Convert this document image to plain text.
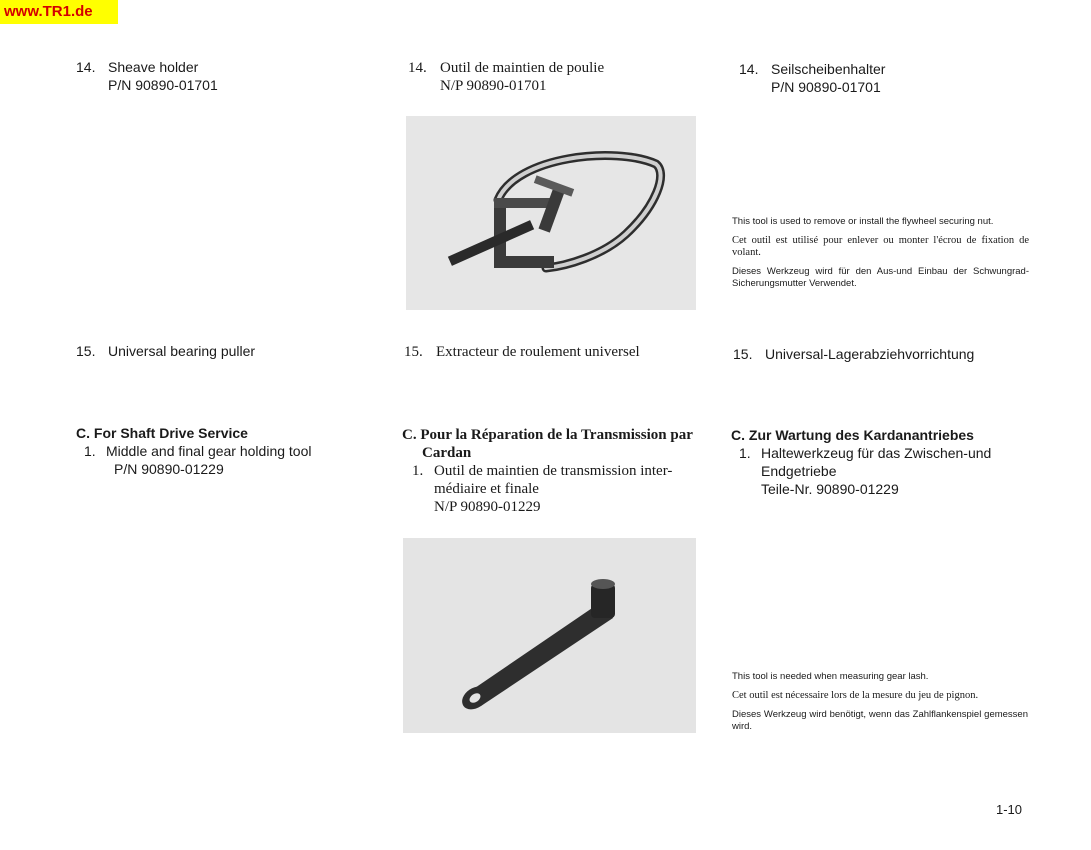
www.TR1.de
14. Sheave holder
P/N 90890-01701
15. Universal bearing puller
C. For Shaft Drive Service
1. Middle and final gear holding tool
P/N 90890-01229
14. Outil de maintien de poulie
N/P 90890-01701
15. Extracteur de roulement universel
C. Pour la Réparation de la Transmission par
Cardan
1. Outil de maintien de transmission inter-
médiaire et finale
N/P 90890-01229
14. Seilscheibenhalter
P/N 90890-01701

This tool is used to remove or install the flywheel securing nut.

Cet outil est utilisé pour enlever ou monter l'écrou de fixation de volant.

Dieses Werkzeug wird für den Aus-und Einbau der Schwungrad-Sicherungsmutter Verwendet.

15. Universal-Lagerabziehvorrichtung
C. Zur Wartung des Kardanantriebes
1. Haltewerkzeug für das Zwischen-und
Endgetriebe
Teile-Nr. 90890-01229

This tool is needed when measuring gear lash.

Cet outil est nécessaire lors de la mesure du jeu de pignon.

Dieses Werkzeug wird benötigt, wenn das Zahlflankenspiel gemessen wird.

1-10
